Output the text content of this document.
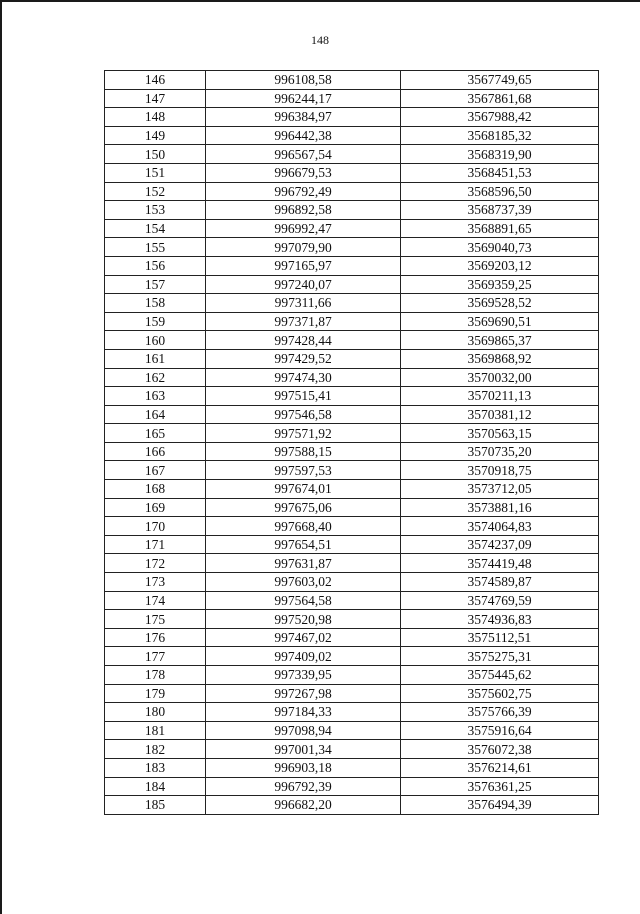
148
146	996108,58	3567749,65
147	996244,17	3567861,68
148	996384,97	3567988,42
149	996442,38	3568185,32
150	996567,54	3568319,90
151	996679,53	3568451,53
152	996792,49	3568596,50
153	996892,58	3568737,39
154	996992,47	3568891,65
155	997079,90	3569040,73
156	997165,97	3569203,12
157	997240,07	3569359,25
158	997311,66	3569528,52
159	997371,87	3569690,51
160	997428,44	3569865,37
161	997429,52	3569868,92
162	997474,30	3570032,00
163	997515,41	3570211,13
164	997546,58	3570381,12
165	997571,92	3570563,15
166	997588,15	3570735,20
167	997597,53	3570918,75
168	997674,01	3573712,05
169	997675,06	3573881,16
170	997668,40	3574064,83
171	997654,51	3574237,09
172	997631,87	3574419,48
173	997603,02	3574589,87
174	997564,58	3574769,59
175	997520,98	3574936,83
176	997467,02	3575112,51
177	997409,02	3575275,31
178	997339,95	3575445,62
179	997267,98	3575602,75
180	997184,33	3575766,39
181	997098,94	3575916,64
182	997001,34	3576072,38
183	996903,18	3576214,61
184	996792,39	3576361,25
185	996682,20	3576494,39
